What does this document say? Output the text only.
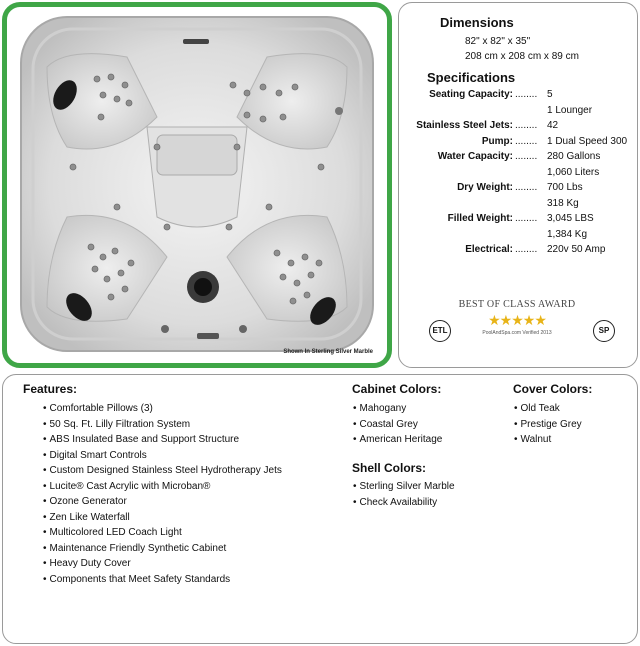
Shown In Sterling Silver Marble
Dimensions
82" x 82" x 35"
208 cm x 208 cm x 89 cm
Specifications
Seating Capacity: ........ 5
1 Lounger
Stainless Steel Jets: ........ 42
Pump: ........ 1 Dual Speed 300
Water Capacity: ........ 280 Gallons
1,060 Liters
Dry Weight: ........ 700 Lbs
318 Kg
Filled Weight: ........ 3,045 LBS
1,384 Kg
Electrical: ........ 220v 50 Amp
BEST OF CLASS AWARD
★★★★★
PoolAndSpa.com Verified 2013
ETL	SP
Features:
• Comfortable Pillows (3)
• 50 Sq. Ft. Lilly Filtration System
• ABS Insulated Base and Support Structure
• Digital Smart Controls
• Custom Designed Stainless Steel Hydrotherapy Jets
• Lucite® Cast Acrylic with Microban®
• Ozone Generator
• Zen Like Waterfall
• Multicolored LED Coach Light
• Maintenance Friendly Synthetic Cabinet
• Heavy Duty Cover
• Components that Meet Safety Standards
Cabinet Colors:
• Mahogany
• Coastal Grey
• American Heritage
Shell Colors:
• Sterling Silver Marble
• Check Availability
Cover Colors:
• Old Teak
• Prestige Grey
• Walnut
